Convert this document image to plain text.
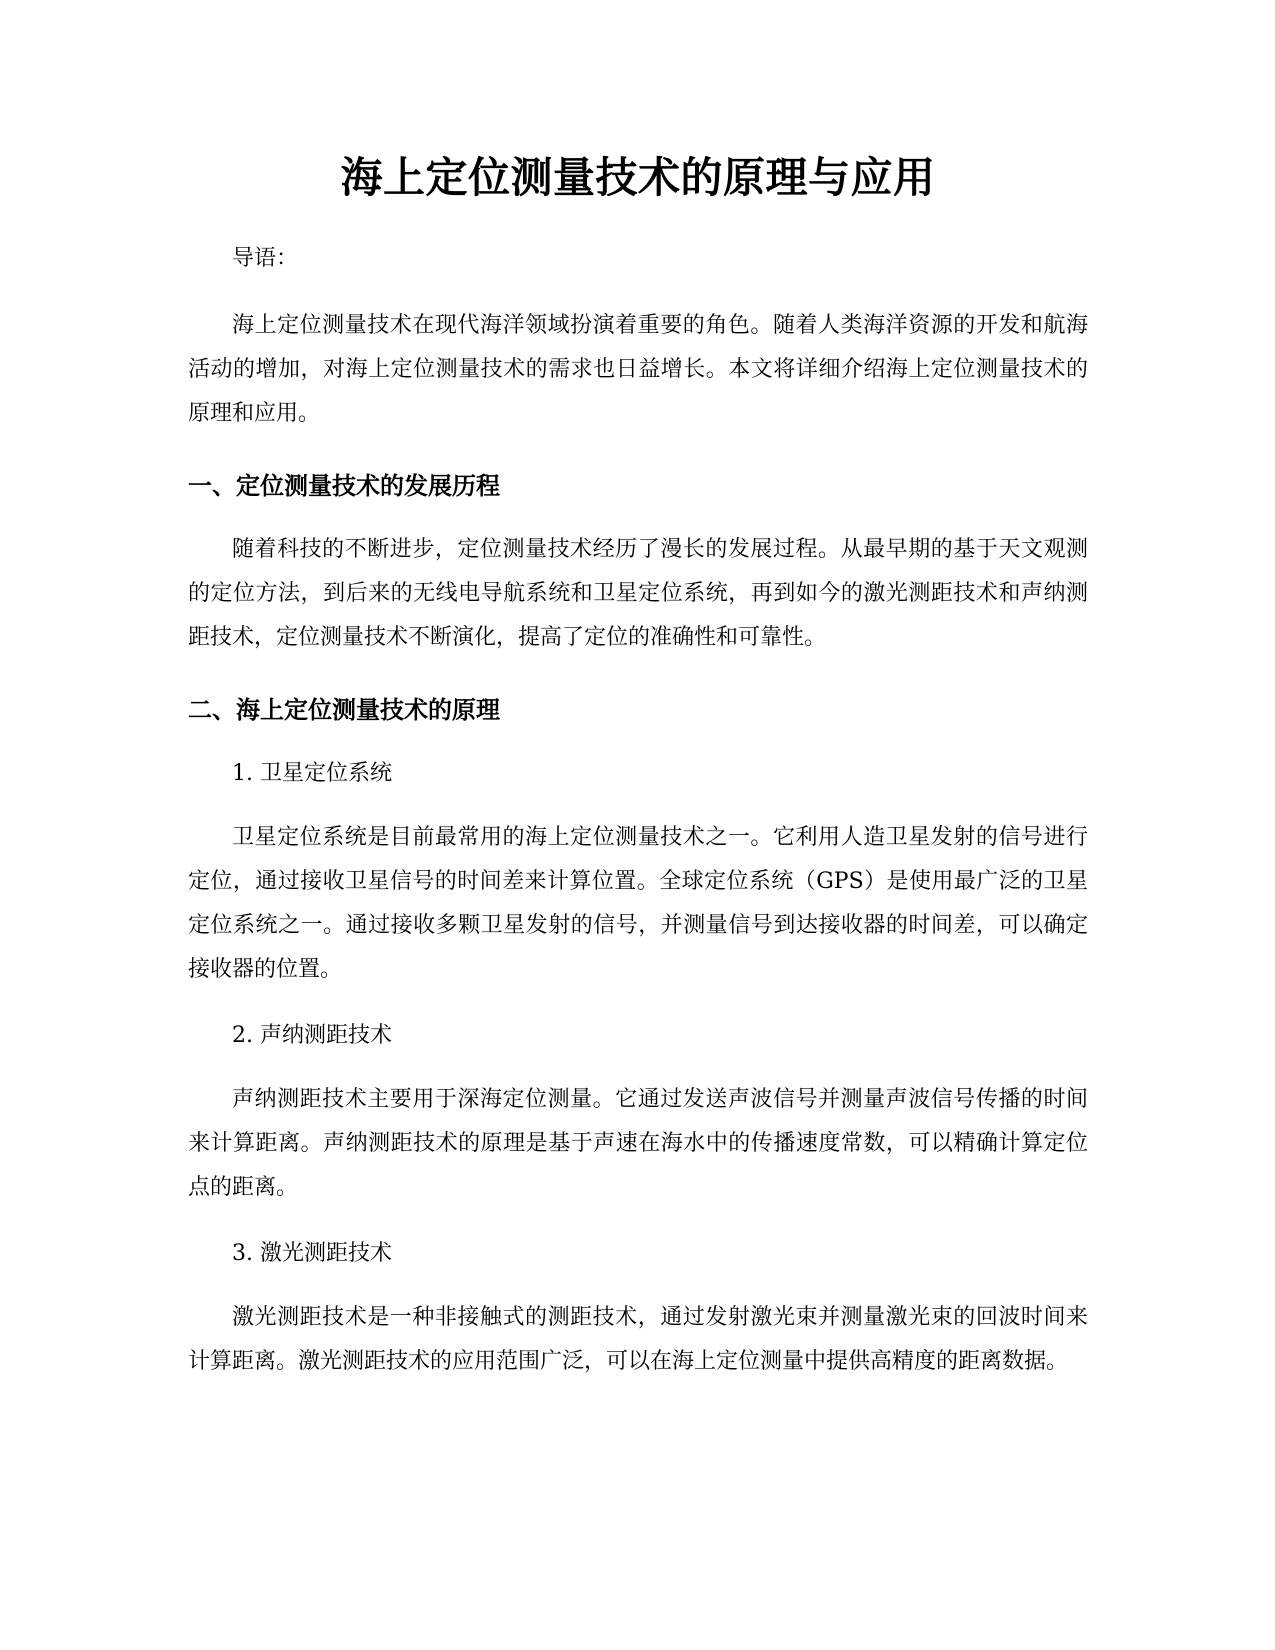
海上定位测量技术的原理与应用

导语：

海上定位测量技术在现代海洋领域扮演着重要的角色。随着人类海洋资源的开发和航海活动的增加，对海上定位测量技术的需求也日益增长。本文将详细介绍海上定位测量技术的原理和应用。

一、定位测量技术的发展历程

随着科技的不断进步，定位测量技术经历了漫长的发展过程。从最早期的基于天文观测的定位方法，到后来的无线电导航系统和卫星定位系统，再到如今的激光测距技术和声纳测距技术，定位测量技术不断演化，提高了定位的准确性和可靠性。

二、海上定位测量技术的原理

1. 卫星定位系统

卫星定位系统是目前最常用的海上定位测量技术之一。它利用人造卫星发射的信号进行定位，通过接收卫星信号的时间差来计算位置。全球定位系统（GPS）是使用最广泛的卫星定位系统之一。通过接收多颗卫星发射的信号，并测量信号到达接收器的时间差，可以确定接收器的位置。

2. 声纳测距技术

声纳测距技术主要用于深海定位测量。它通过发送声波信号并测量声波信号传播的时间来计算距离。声纳测距技术的原理是基于声速在海水中的传播速度常数，可以精确计算定位点的距离。

3. 激光测距技术

激光测距技术是一种非接触式的测距技术，通过发射激光束并测量激光束的回波时间来计算距离。激光测距技术的应用范围广泛，可以在海上定位测量中提供高精度的距离数据。
